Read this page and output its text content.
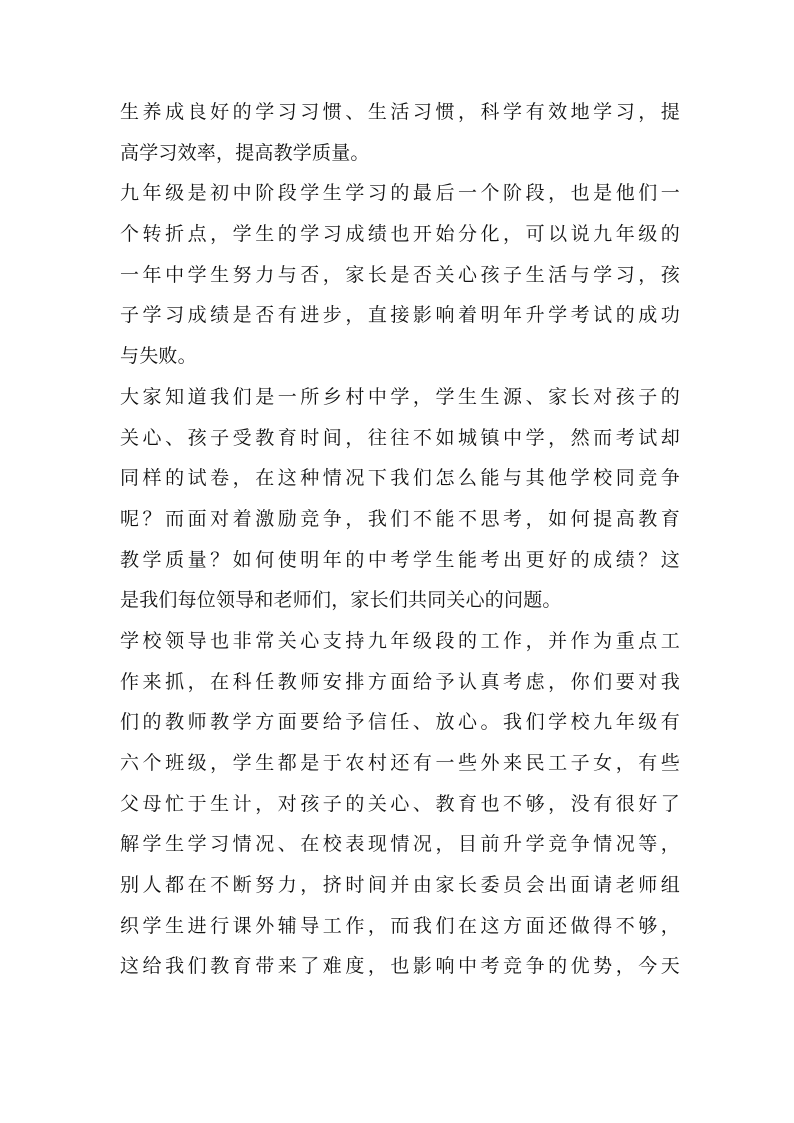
生养成良好的学习习惯、生活习惯，科学有效地学习，提
高学习效率，提高教学质量。
九年级是初中阶段学生学习的最后一个阶段，也是他们一
个转折点，学生的学习成绩也开始分化，可以说九年级的
一年中学生努力与否，家长是否关心孩子生活与学习，孩
子学习成绩是否有进步，直接影响着明年升学考试的成功
与失败。
大家知道我们是一所乡村中学，学生生源、家长对孩子的
关心、孩子受教育时间，往往不如城镇中学，然而考试却
同样的试卷，在这种情况下我们怎么能与其他学校同竞争
呢？而面对着激励竞争，我们不能不思考，如何提高教育
教学质量？如何使明年的中考学生能考出更好的成绩？这
是我们每位领导和老师们，家长们共同关心的问题。
学校领导也非常关心支持九年级段的工作，并作为重点工
作来抓，在科任教师安排方面给予认真考虑，你们要对我
们的教师教学方面要给予信任、放心。我们学校九年级有
六个班级，学生都是于农村还有一些外来民工子女，有些
父母忙于生计，对孩子的关心、教育也不够，没有很好了
解学生学习情况、在校表现情况，目前升学竞争情况等，
别人都在不断努力，挤时间并由家长委员会出面请老师组
织学生进行课外辅导工作，而我们在这方面还做得不够，
这给我们教育带来了难度，也影响中考竞争的优势，今天
